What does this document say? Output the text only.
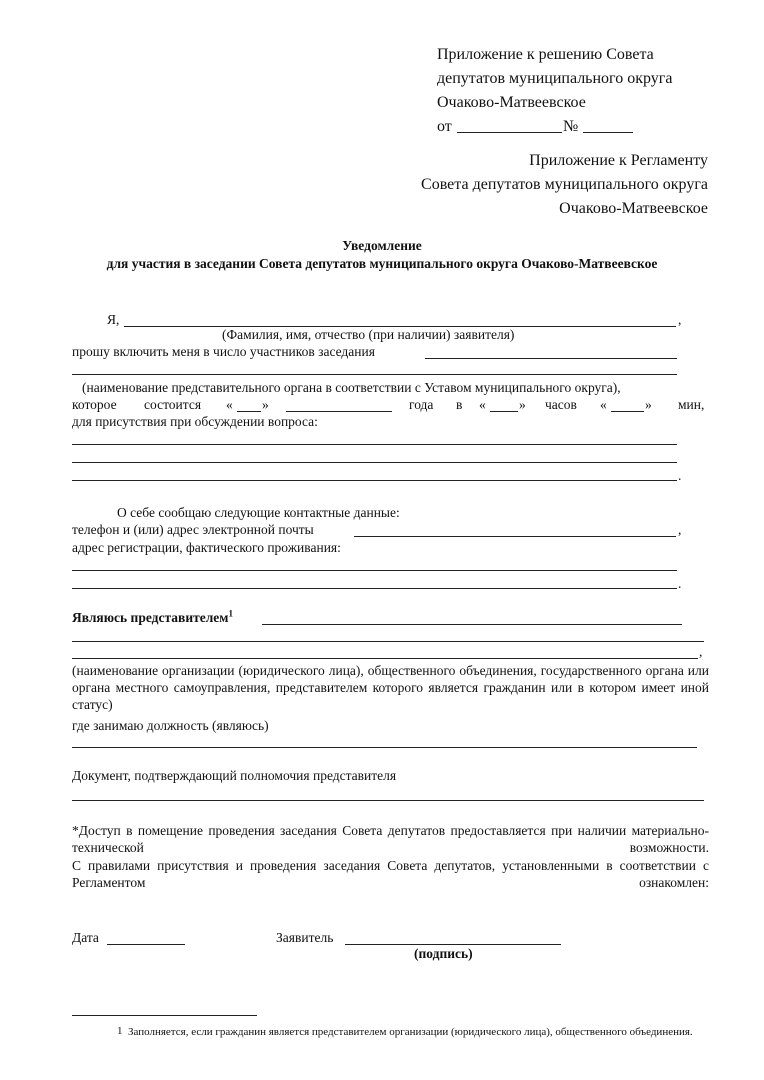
Приложение к решению Совета
депутатов муниципального округа
Очаково-Матвеевское
от	№
Приложение к Регламенту
Совета депутатов муниципального округа
Очаково-Матвеевское
Уведомление
для участия в заседании Совета депутатов муниципального округа Очаково-Матвеевское
Я,	,
(Фамилия, имя, отчество (при наличии) заявителя)
прошу включить меня в число участников заседания
(наименование представительного органа в соответствии с Уставом муниципального округа),
которое состоится « »	года в « » часов «	» мин,
для присутствия при обсуждении вопроса:
.
О себе сообщаю следующие контактные данные:
телефон и (или) адрес электронной почты	,
адрес регистрации, фактического проживания:
.
Являюсь представителем$^1$
,
(наименование организации (юридического лица), общественного объединения, государственного органа или органа местного самоуправления, представителем которого является гражданин или в котором имеет иной статус)
где занимаю должность (являюсь)
Документ, подтверждающий полномочия представителя
*Доступ в помещение проведения заседания Совета депутатов предоставляется при наличии материально-технической возможности.
С правилами присутствия и проведения заседания Совета депутатов, установленными в соответствии с Регламентом ознакомлен:
Дата	Заявитель
(подпись)
1 Заполняется, если гражданин является представителем организации (юридического лица), общественного объединения.
